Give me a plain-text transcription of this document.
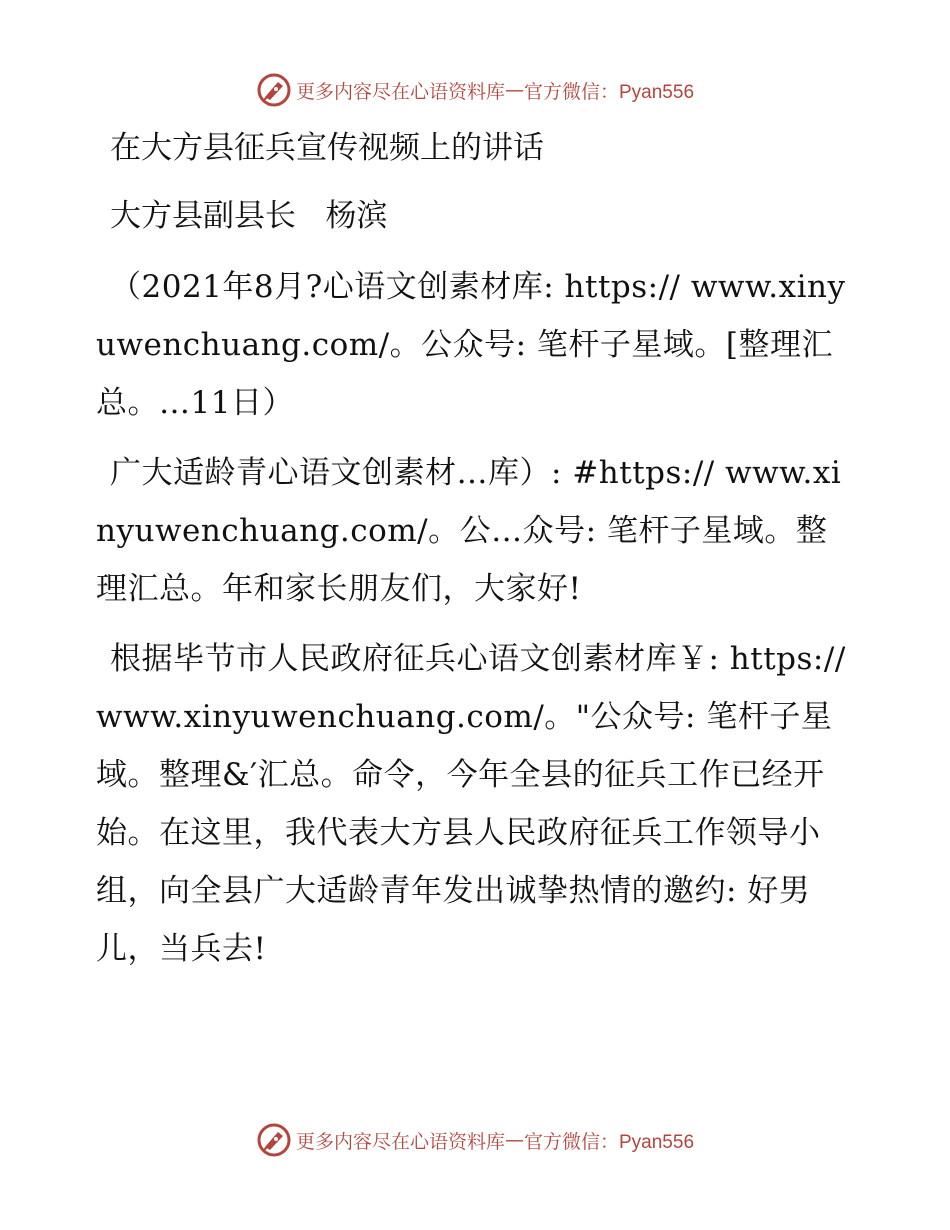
更多内容尽在心语资料库 — 官方微信：Pyan556
在大方县征兵宣传视频上的讲话

大方县副县长   杨滨

（2021年8月?心语文创素材库: https:// www.xinyuwenchuang.com/。公众号: 笔杆子星域。[整理汇总。…11日）

广大适龄青心语文创素材…库）: #https:// www.xinyuwenchuang.com/。公…众号: 笔杆子星域。整理汇总。年和家长朋友们，大家好!

根据毕节市人民政府征兵心语文创素材库￥: https://www.xinyuwenchuang.com/。"公众号: 笔杆子星域。整理&′汇总。命令，今年全县的征兵工作已经开始。在这里，我代表大方县人民政府征兵工作领导小组，向全县广大适龄青年发出诚挚热情的邀约: 好男儿，当兵去!

更多内容尽在心语资料库 — 官方微信：Pyan556
